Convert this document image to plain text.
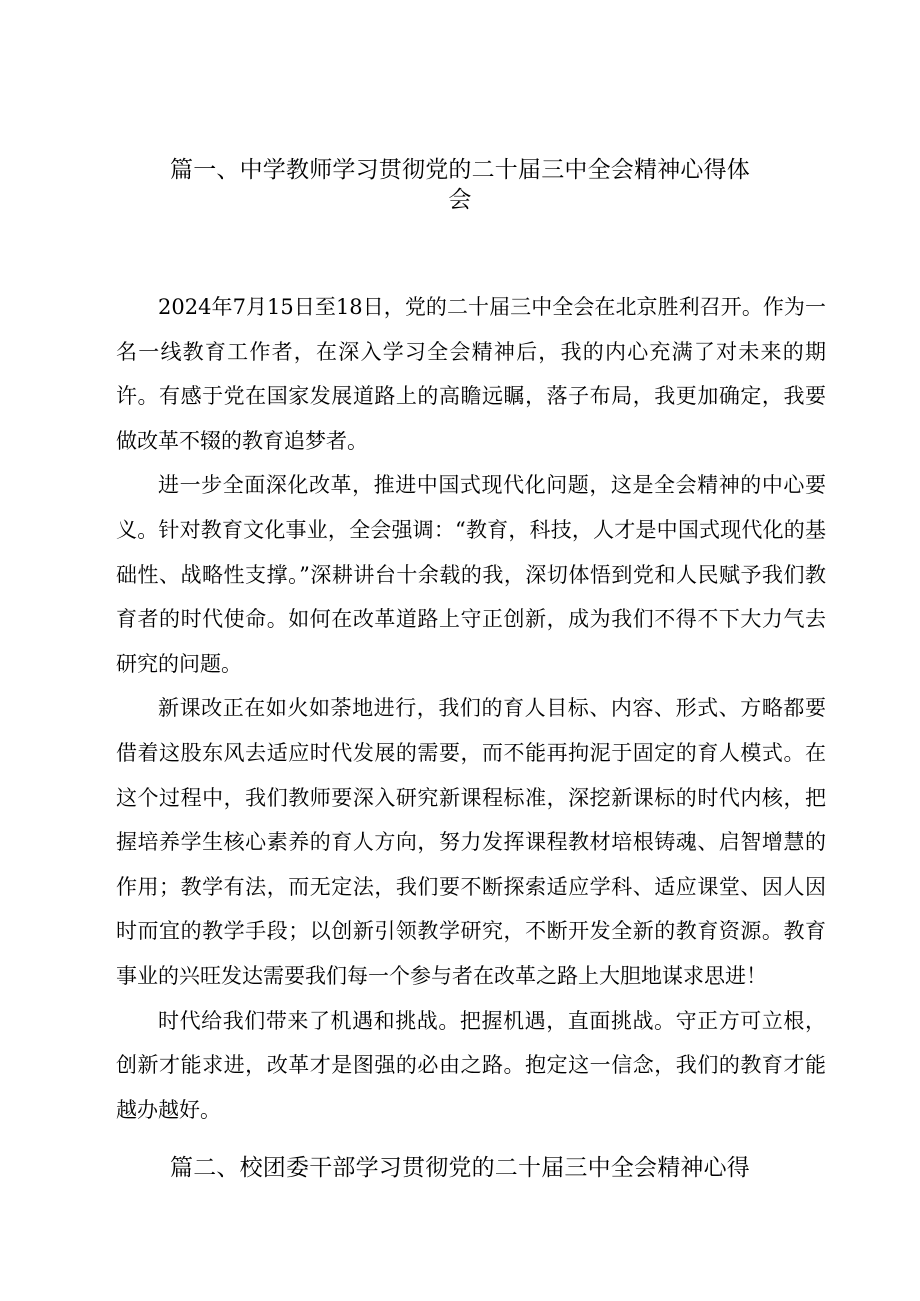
篇一、中学教师学习贯彻党的二十届三中全会精神心得体会

2024年7月15日至18日，党的二十届三中全会在北京胜利召开。作为一名一线教育工作者，在深入学习全会精神后，我的内心充满了对未来的期许。有感于党在国家发展道路上的高瞻远瞩，落子布局，我更加确定，我要做改革不辍的教育追梦者。

进一步全面深化改革，推进中国式现代化问题，这是全会精神的中心要义。针对教育文化事业，全会强调：“教育，科技，人才是中国式现代化的基础性、战略性支撑。”深耕讲台十余载的我，深切体悟到党和人民赋予我们教育者的时代使命。如何在改革道路上守正创新，成为我们不得不下大力气去研究的问题。

新课改正在如火如荼地进行，我们的育人目标、内容、形式、方略都要借着这股东风去适应时代发展的需要，而不能再拘泥于固定的育人模式。在这个过程中，我们教师要深入研究新课程标准，深挖新课标的时代内核，把握培养学生核心素养的育人方向，努力发挥课程教材培根铸魂、启智增慧的作用；教学有法，而无定法，我们要不断探索适应学科、适应课堂、因人因时而宜的教学手段；以创新引领教学研究，不断开发全新的教育资源。教育事业的兴旺发达需要我们每一个参与者在改革之路上大胆地谋求思进！

时代给我们带来了机遇和挑战。把握机遇，直面挑战。守正方可立根，创新才能求进，改革才是图强的必由之路。抱定这一信念，我们的教育才能越办越好。

篇二、校团委干部学习贯彻党的二十届三中全会精神心得
